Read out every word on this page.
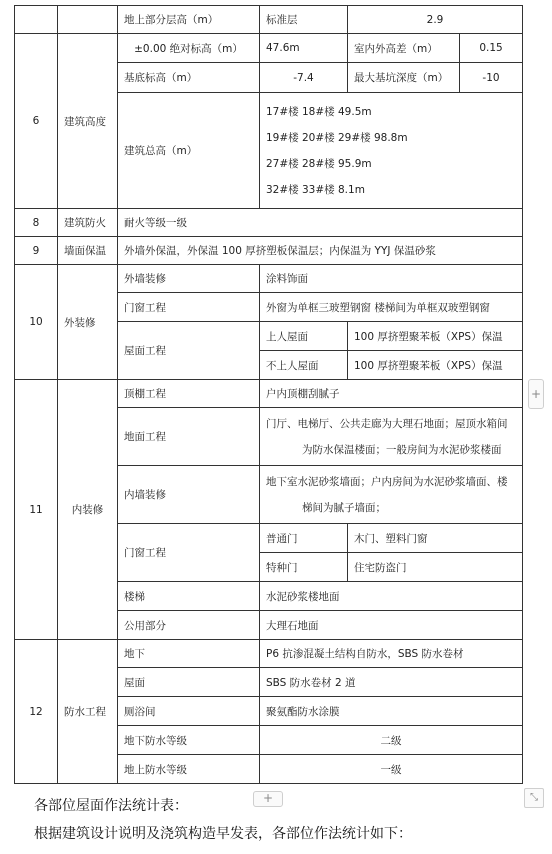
		地上部分层高（m）	标准层	2.9	
6	建筑高度	±0.00 绝对标高（m）	47.6m	室内外高差（m）	0.15
		基底标高（m）	-7.4	最大基坑深度（m）	-10
		建筑总高（m）	17#楼 18#楼 49.5m
19#楼 20#楼 29#楼 98.8m
27#楼 28#楼 95.9m
32#楼 33#楼 8.1m		

8	建筑防火	耐火等级一级			
9	墙面保温	外墙外保温，外保温 100 厚挤塑板保温层；内保温为 YYJ 保温砂浆			
10	外装修	外墙装修	涂料饰面		
		门窗工程	外窗为单框三玻塑钢窗 楼梯间为单框双玻塑钢窗		
		屋面工程	上人屋面	100 厚挤塑聚苯板（XPS）保温	
			不上人屋面	100 厚挤塑聚苯板（XPS）保温	
11	内装修	顶棚工程	户内顶棚刮腻子		
		地面工程	门厅、电梯厅、公共走廊为大理石地面；屋顶水箱间
为防水保温楼面；一般房间为水泥砂浆楼面		

		内墙装修	地下室水泥砂浆墙面；户内房间为水泥砂浆墙面、楼
梯间为腻子墙面；		

		门窗工程	普通门	木门、塑料门窗	
			特种门	住宅防盗门	
		楼梯	水泥砂浆楼地面		
		公用部分	大理石地面		
12	防水工程	地下	P6 抗渗混凝土结构自防水，SBS 防水卷材		
		屋面	SBS 防水卷材 2 道		
		厕浴间	聚氨酯防水涂膜		
		地下防水等级	二级		
		地上防水等级	一级		
+
+	⤡
各部位屋面作法统计表：
根据建筑设计说明及浇筑构造早发表，各部位作法统计如下：
